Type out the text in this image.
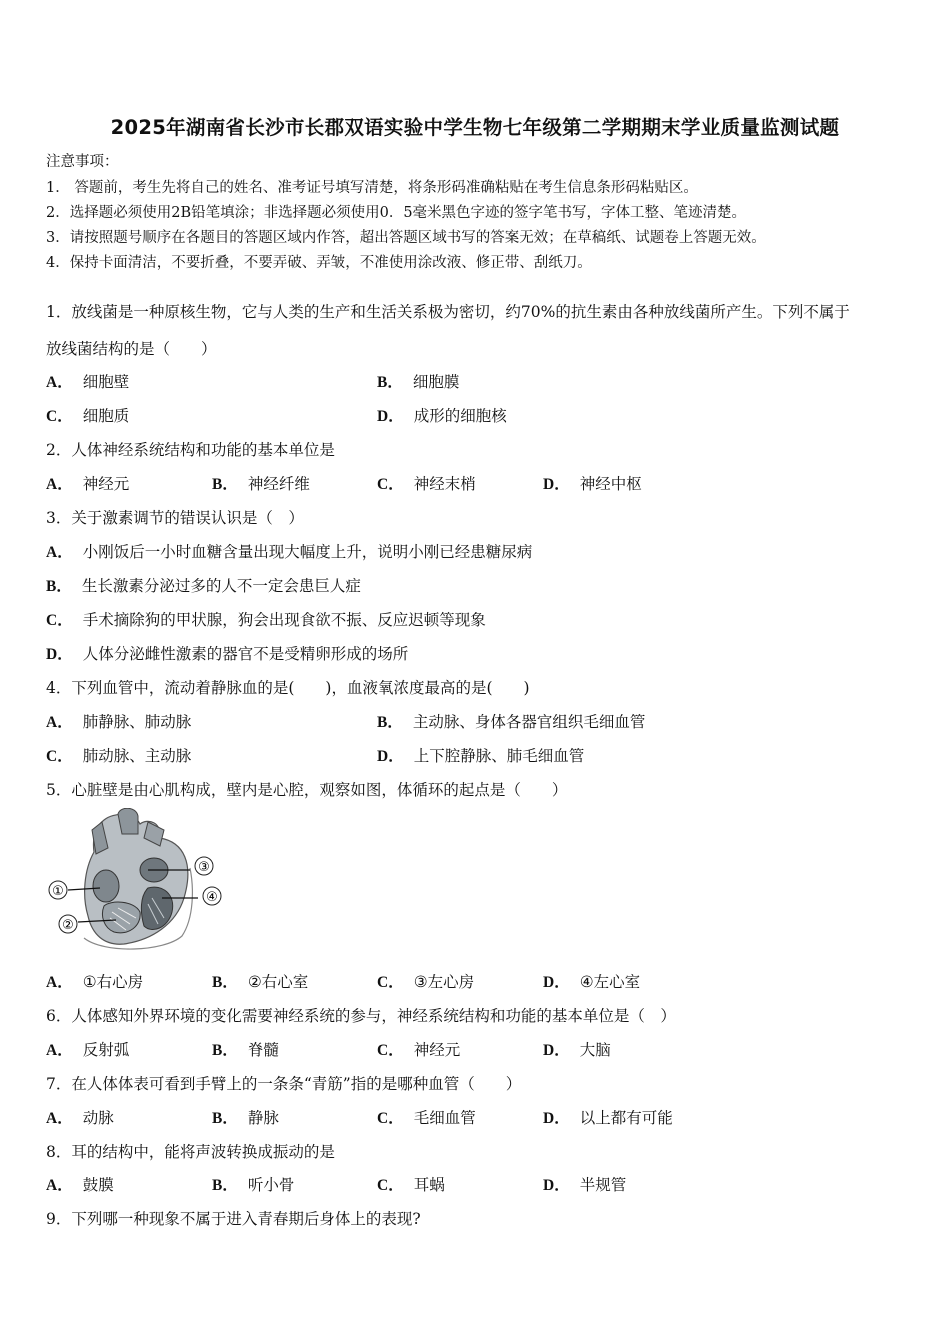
2025年湖南省长沙市长郡双语实验中学生物七年级第二学期期末学业质量监测试题
注意事项：
1． 答题前，考生先将自己的姓名、准考证号填写清楚，将条形码准确粘贴在考生信息条形码粘贴区。
2．选择题必须使用2B铅笔填涂；非选择题必须使用0．5毫米黑色字迹的签字笔书写，字体工整、笔迹清楚。
3．请按照题号顺序在各题目的答题区域内作答，超出答题区域书写的答案无效；在草稿纸、试题卷上答题无效。
4．保持卡面清洁，不要折叠，不要弄破、弄皱，不准使用涂改液、修正带、刮纸刀。
1．放线菌是一种原核生物，它与人类的生产和生活关系极为密切，约70%的抗生素由各种放线菌所产生。下列不属于
放线菌结构的是（　　）
A． 细胞壁	B． 细胞膜
C． 细胞质	D． 成形的细胞核
2．人体神经系统结构和功能的基本单位是
A． 神经元	B． 神经纤维	C． 神经末梢	D． 神经中枢
3．关于激素调节的错误认识是（　）
A． 小刚饭后一小时血糖含量出现大幅度上升，说明小刚已经患糖尿病
B． 生长激素分泌过多的人不一定会患巨人症
C． 手术摘除狗的甲状腺，狗会出现食欲不振、反应迟顿等现象
D． 人体分泌雌性激素的器官不是受精卵形成的场所
4．下列血管中，流动着静脉血的是(　　)，血液氧浓度最高的是(　　)
A． 肺静脉、肺动脉	B． 主动脉、身体各器官组织毛细血管
C． 肺动脉、主动脉	D． 上下腔静脉、肺毛细血管
5．心脏壁是由心肌构成，壁内是心腔，观察如图，体循环的起点是（　　）
①
②
③
④
A． ①右心房	B． ②右心室	C． ③左心房	D． ④左心室
6．人体感知外界环境的变化需要神经系统的参与，神经系统结构和功能的基本单位是（　）
A． 反射弧	B． 脊髓	C． 神经元	D． 大脑
7．在人体体表可看到手臂上的一条条“青筋”指的是哪种血管（　　）
A． 动脉	B． 静脉	C． 毛细血管	D． 以上都有可能
8．耳的结构中，能将声波转换成振动的是
A． 鼓膜	B． 听小骨	C． 耳蜗	D． 半规管
9．下列哪一种现象不属于进入青春期后身体上的表现?
